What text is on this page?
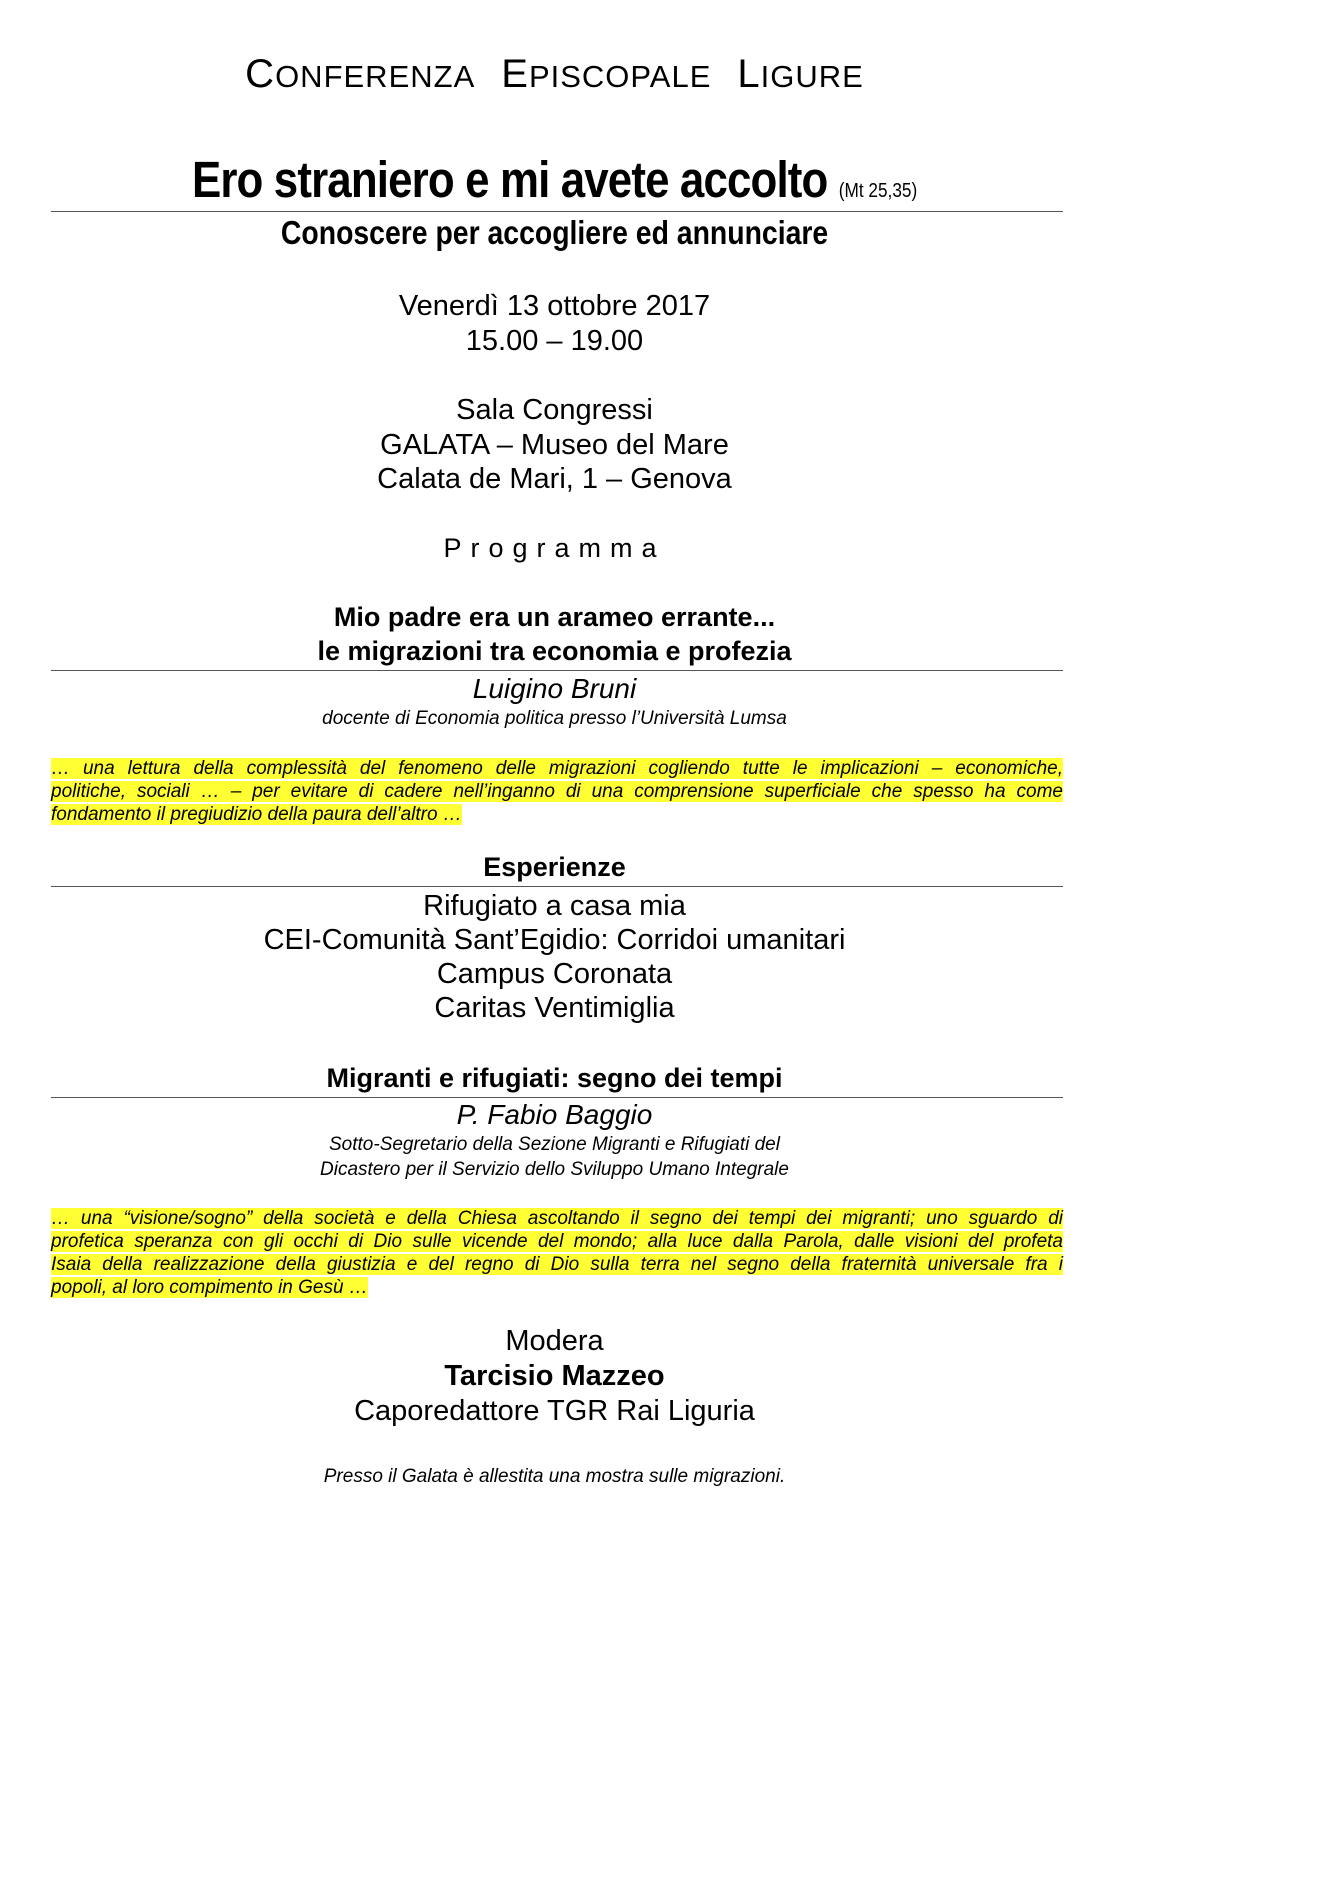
CONFERENZA EPISCOPALE LIGURE
Ero straniero e mi avete accolto (Mt 25,35)
Conoscere per accogliere ed annunciare
Venerdì 13 ottobre 2017
15.00 – 19.00
Sala Congressi
GALATA – Museo del Mare
Calata de Mari, 1 – Genova
Programma
Mio padre era un arameo errante...
le migrazioni tra economia e profezia
Luigino Bruni
docente di Economia politica presso l’Università Lumsa
… una lettura della complessità del fenomeno delle migrazioni cogliendo tutte le implicazioni – economiche,
politiche, sociali … – per evitare di cadere nell’inganno di una comprensione superficiale che spesso ha come
fondamento il pregiudizio della paura dell’altro …
Esperienze
Rifugiato a casa mia
CEI-Comunità Sant’Egidio: Corridoi umanitari
Campus Coronata
Caritas Ventimiglia
Migranti e rifugiati: segno dei tempi
P. Fabio Baggio
Sotto-Segretario della Sezione Migranti e Rifugiati del
Dicastero per il Servizio dello Sviluppo Umano Integrale
… una “visione/sogno” della società e della Chiesa ascoltando il segno dei tempi dei migranti; uno sguardo di
profetica speranza con gli occhi di Dio sulle vicende del mondo; alla luce dalla Parola, dalle visioni del profeta
Isaia della realizzazione della giustizia e del regno di Dio sulla terra nel segno della fraternità universale fra i
popoli, al loro compimento in Gesù …
Modera
Tarcisio Mazzeo
Caporedattore TGR Rai Liguria
Presso il Galata è allestita una mostra sulle migrazioni.
